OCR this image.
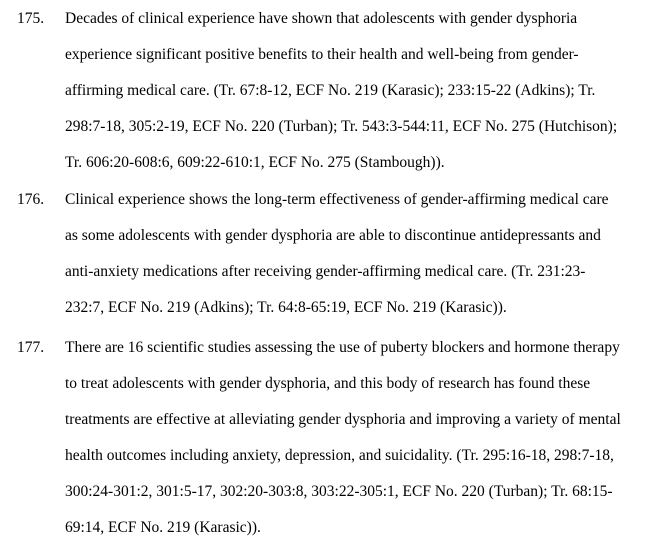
175. Decades of clinical experience have shown that adolescents with gender dysphoria
experience significant positive benefits to their health and well-being from gender-
affirming medical care. (Tr. 67:8-12, ECF No. 219 (Karasic); 233:15-22 (Adkins); Tr.
298:7-18, 305:2-19, ECF No. 220 (Turban); Tr. 543:3-544:11, ECF No. 275 (Hutchison);
Tr. 606:20-608:6, 609:22-610:1, ECF No. 275 (Stambough)).
176. Clinical experience shows the long-term effectiveness of gender-affirming medical care
as some adolescents with gender dysphoria are able to discontinue antidepressants and
anti-anxiety medications after receiving gender-affirming medical care. (Tr. 231:23-
232:7, ECF No. 219 (Adkins); Tr. 64:8-65:19, ECF No. 219 (Karasic)).
177. There are 16 scientific studies assessing the use of puberty blockers and hormone therapy
to treat adolescents with gender dysphoria, and this body of research has found these
treatments are effective at alleviating gender dysphoria and improving a variety of mental
health outcomes including anxiety, depression, and suicidality. (Tr. 295:16-18, 298:7-18,
300:24-301:2, 301:5-17, 302:20-303:8, 303:22-305:1, ECF No. 220 (Turban); Tr. 68:15-
69:14, ECF No. 219 (Karasic)).
